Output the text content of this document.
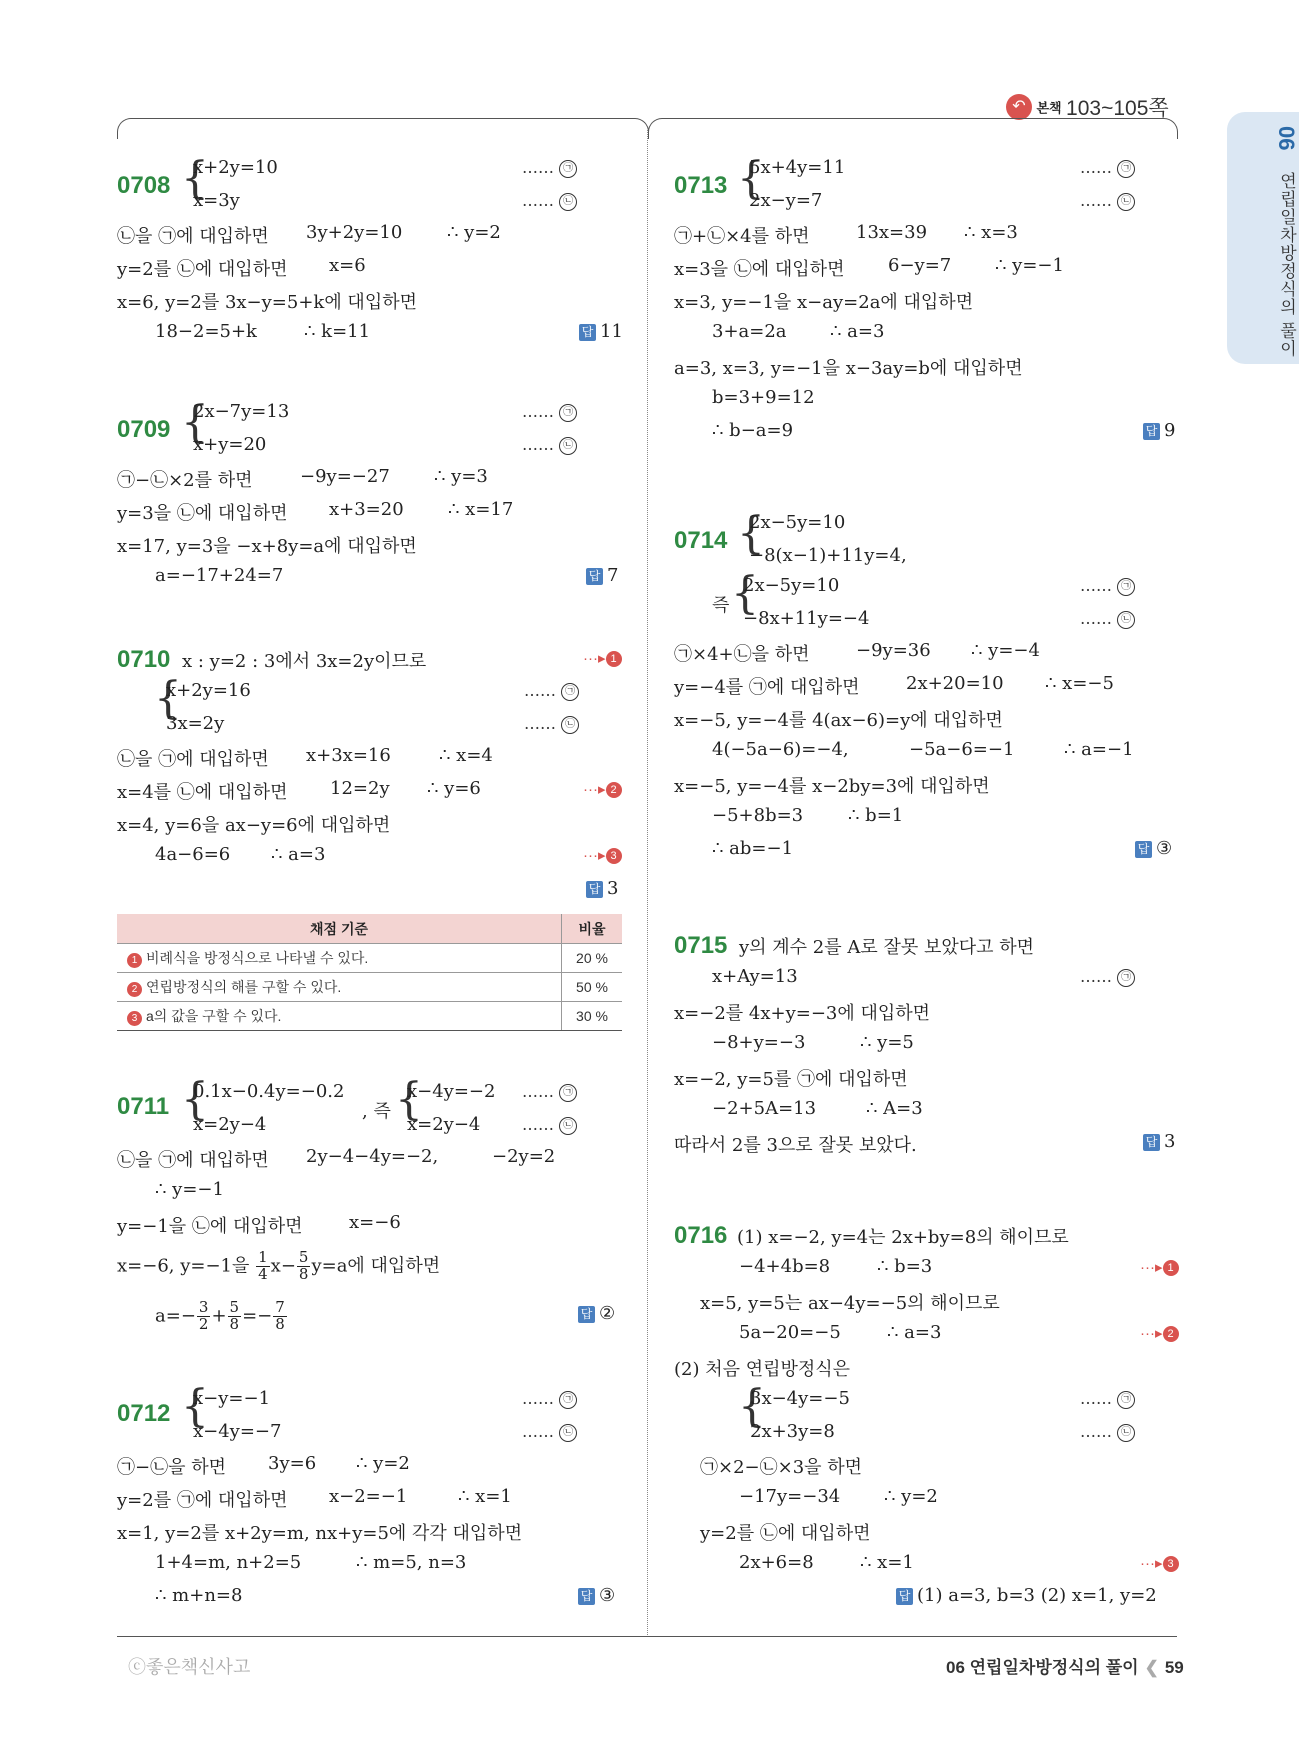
↶ 본책 103~105쪽
06
연립일차방정식의 풀이
0708 {
x+2y=10
x=3y
…… ㉠
…… ㉡
㉡을 ㉠에 대입하면 3y+2y=10 ∴ y=2
y=2를 ㉡에 대입하면 x=6
x=6, y=2를 3x−y=5+k에 대입하면
18−2=5+k	∴ k=11	답 11
0709 {
2x−7y=13
x+y=20
…… ㉠
…… ㉡
㉠−㉡×2를 하면	−9y=−27 ∴ y=3
y=3을 ㉡에 대입하면 x+3=20 ∴ x=17
x=17, y=3을 −x+8y=a에 대입하면
a=−17+24=7	답 7
0710 x : y=2 : 3에서 3x=2y이므로	···▸ 1
{
x+2y=16
3x=2y
…… ㉠
…… ㉡
㉡을 ㉠에 대입하면 x+3x=16	∴ x=4
x=4를 ㉡에 대입하면 12=2y ∴ y=6	···▸ 2
x=4, y=6을 ax−y=6에 대입하면
4a−6=6 ∴ a=3	···▸ 3
답 3
채점 기준	비율
1 비례식을 방정식으로 나타낼 수 있다.	20 %
2 연립방정식의 해를 구할 수 있다.	50 %
3 a의 값을 구할 수 있다.	30 %
0711 {
0.1x−0.4y=−0.2
x=2y−4
, 즉 {
x−4y=−2
x=2y−4
…… ㉠
…… ㉡
㉡을 ㉠에 대입하면 2y−4−4y=−2,	−2y=2
∴ y=−1
y=−1을 ㉡에 대입하면	x=−6
x=−6, y=−1을 $\frac{1}{4} x- \frac{5}{8} y=a$에 대입하면
$a=- \frac{3}{2} + \frac{5}{8} =- \frac{7}{8}$	답 ②
0712 {
x−y=−1
x−4y=−7
…… ㉠
…… ㉡
㉠−㉡을 하면 3y=6 ∴ y=2
y=2를 ㉠에 대입하면 x−2=−1	∴ x=1
x=1, y=2를 x+2y=m, nx+y=5에 각각 대입하면
1+4=m, n+2=5	∴ m=5, n=3
∴ m+n=8	답 ③
0713 {
5x+4y=11
2x−y=7
…… ㉠
…… ㉡
㉠+㉡×4를 하면	13x=39 ∴ x=3
x=3을 ㉡에 대입하면 6−y=7 ∴ y=−1
x=3, y=−1을 x−ay=2a에 대입하면
3+a=2a ∴ a=3
a=3, x=3, y=−1을 x−3ay=b에 대입하면
b=3+9=12
∴ b−a=9	답 9
0714 {
2x−5y=10
−8(x−1)+11y=4,
즉 {
2x−5y=10
−8x+11y=−4
…… ㉠
…… ㉡
㉠×4+㉡을 하면	−9y=36 ∴ y=−4
y=−4를 ㉠에 대입하면	2x+20=10 ∴ x=−5
x=−5, y=−4를 4(ax−6)=y에 대입하면
4(−5a−6)=−4,	−5a−6=−1	∴ a=−1
x=−5, y=−4를 x−2by=3에 대입하면
−5+8b=3 ∴ b=1
∴ ab=−1	답 ③
0715 y의 계수 2를 A로 잘못 보았다고 하면
x+Ay=13	…… ㉠
x=−2를 4x+y=−3에 대입하면
−8+y=−3	∴ y=5
x=−2, y=5를 ㉠에 대입하면
−2+5A=13	∴ A=3
따라서 2를 3으로 잘못 보았다.	답 3
0716 (1) x=−2, y=4는 2x+by=8의 해이므로
−4+4b=8	∴ b=3	···▸ 1
x=5, y=5는 ax−4y=−5의 해이므로
5a−20=−5	∴ a=3	···▸ 2
(2) 처음 연립방정식은
{
3x−4y=−5
2x+3y=8
…… ㉠
…… ㉡
㉠×2−㉡×3을 하면
−17y=−34 ∴ y=2
y=2를 ㉡에 대입하면
2x+6=8	∴ x=1	···▸ 3
답 (1) a=3, b=3 (2) x=1, y=2
ⓒ좋은책신사고	06 연립일차방정식의 풀이 ❮ 59
